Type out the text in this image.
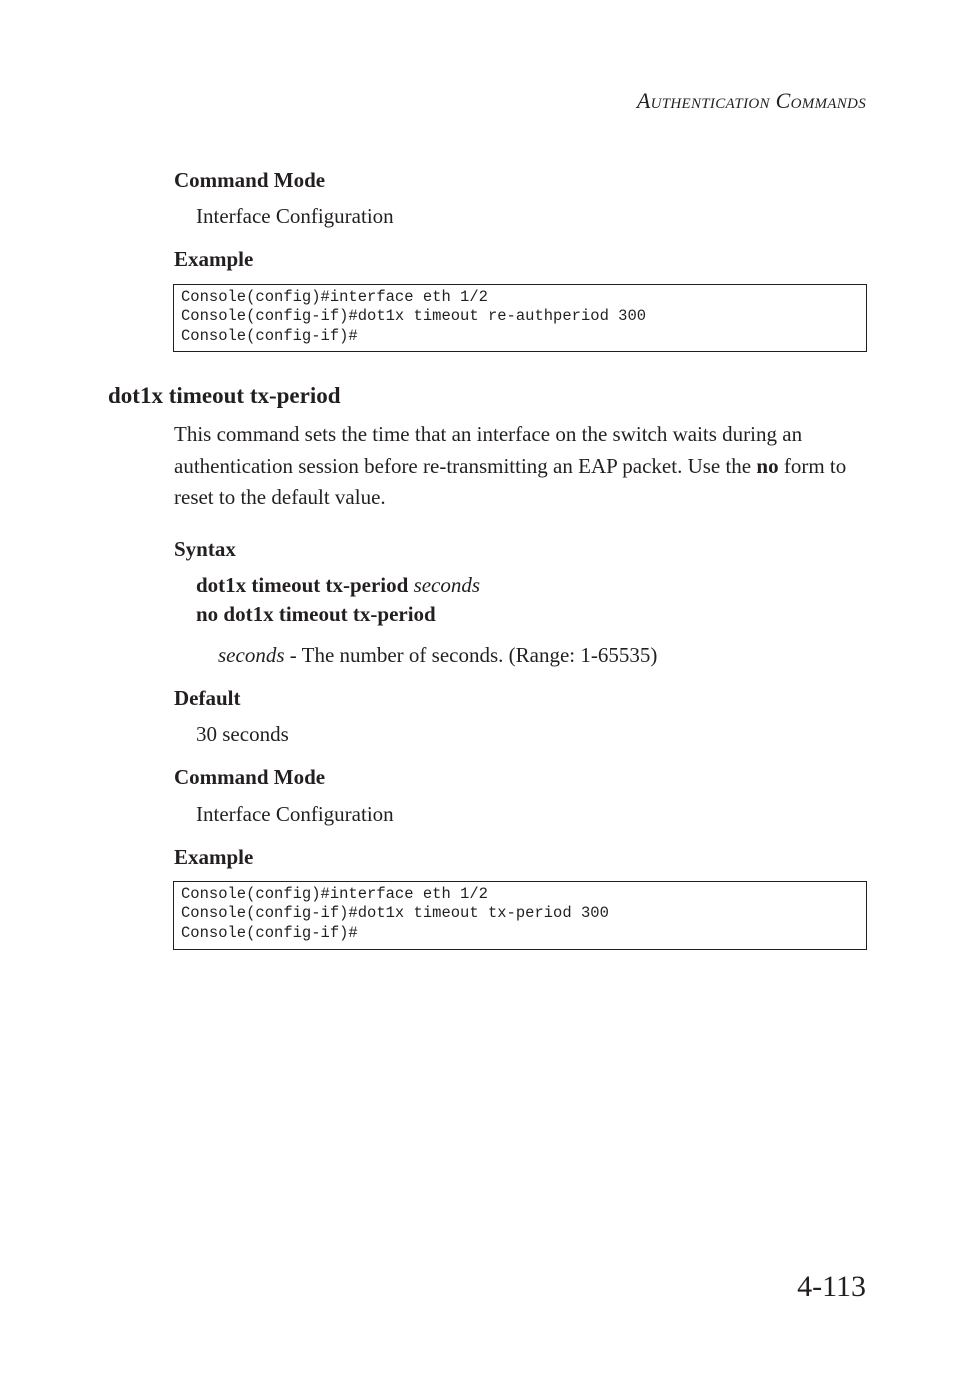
Authentication Commands
Command Mode
Interface Configuration
Example
Console(config)#interface eth 1/2
Console(config-if)#dot1x timeout re-authperiod 300
Console(config-if)#
dot1x timeout tx-period
This command sets the time that an interface on the switch waits during an authentication session before re-transmitting an EAP packet. Use the no form to reset to the default value.
Syntax
dot1x timeout tx-period seconds
no dot1x timeout tx-period
seconds - The number of seconds. (Range: 1-65535)
Default
30 seconds
Command Mode
Interface Configuration
Example
Console(config)#interface eth 1/2
Console(config-if)#dot1x timeout tx-period 300
Console(config-if)#
4-113
